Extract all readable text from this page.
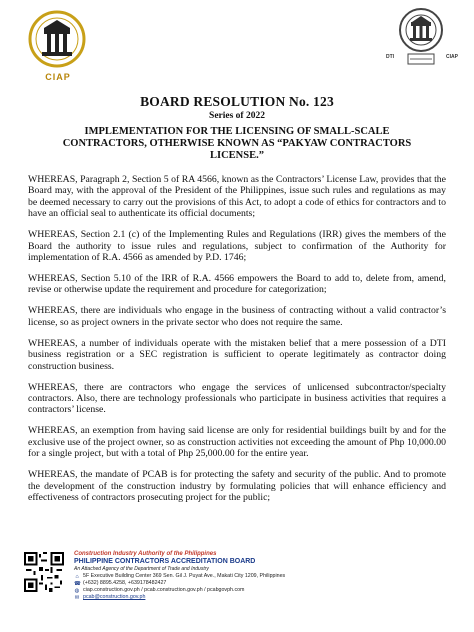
CIAP
DTI	CIAP
BOARD RESOLUTION No. 123
Series of 2022
IMPLEMENTATION FOR THE LICENSING OF SMALL-SCALE CONTRACTORS, OTHERWISE KNOWN AS “PAKYAW CONTRACTORS LICENSE.”

WHEREAS, Paragraph 2, Section 5 of RA 4566, known as the Contractors’ License Law, provides that the Board may, with the approval of the President of the Philippines, issue such rules and regulations as may be deemed necessary to carry out the provisions of this Act, to adopt a code of ethics for contractors and to have an official seal to authenticate its official documents;

WHEREAS, Section 2.1 (c) of the Implementing Rules and Regulations (IRR) gives the members of the Board the authority to issue rules and regulations, subject to confirmation of the Authority for implementation of R.A. 4566 as amended by P.D. 1746;

WHEREAS, Section 5.10 of the IRR of R.A. 4566 empowers the Board to add to, delete from, amend, revise or otherwise update the requirement and procedure for categorization;

WHEREAS, there are individuals who engage in the business of contracting without a valid contractor’s license, so as project owners in the private sector who does not require the same.

WHEREAS, a number of individuals operate with the mistaken belief that a mere possession of a DTI business registration or a SEC registration is sufficient to operate legitimately as contractor doing construction business.

WHEREAS, there are contractors who engage the services of unlicensed subcontractor/specialty contractors. Also, there are technology professionals who participate in business activities that requires a contractors’ license.

WHEREAS, an exemption from having said license are only for residential buildings built by and for the exclusive use of the project owner, so as construction activities not exceeding the amount of Php 10,000.00 for a single project, but with a total of Php 25,000.00 for the entire year.

WHEREAS, the mandate of PCAB is for protecting the safety and security of the public. And to promote the development of the construction industry by formulating policies that will enhance efficiency and effectiveness of contractors prosecuting project for the public;

Construction Industry Authority of the Philippines
PHILIPPINE CONTRACTORS ACCREDITATION BOARD
An Attached Agency of the Department of Trade and Industry
⌂ 5F Executive Building Center 369 Sen. Gil J. Puyat Ave., Makati City 1209, Philippines
☎ (+632) 8895.4258, +639178482427
◍ ciap.construction.gov.ph / pcab.construction.gov.ph / pcabgovph.com
✉ pcab@construction.gov.ph
